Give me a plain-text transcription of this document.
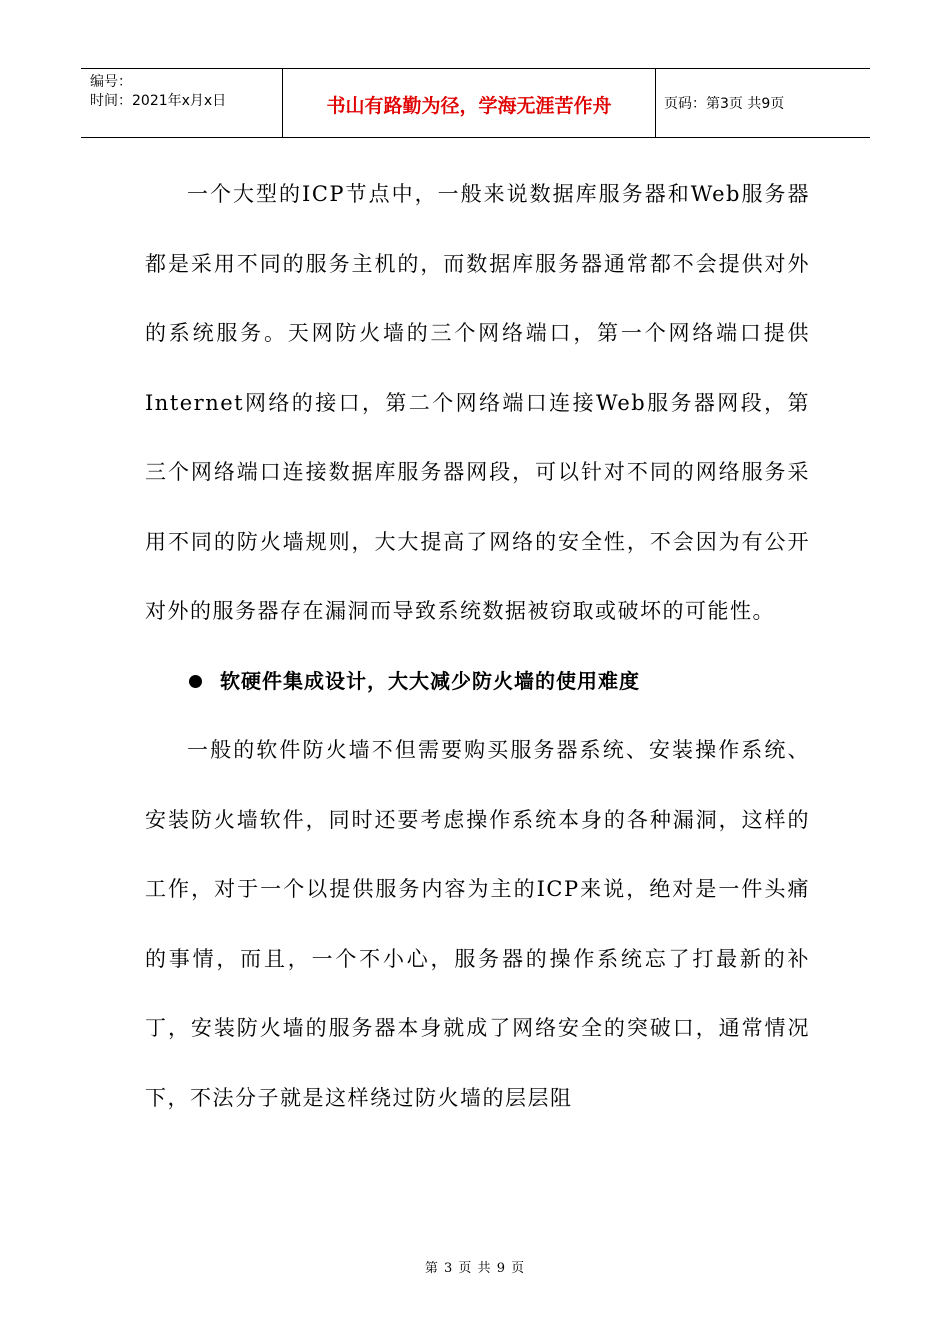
编号：
时间：2021年x月x日	书山有路勤为径，学海无涯苦作舟	页码：第3页 共9页

一个大型的ICP节点中，一般来说数据库服务器和Web服务器都是采用不同的服务主机的，而数据库服务器通常都不会提供对外的系统服务。天网防火墙的三个网络端口，第一个网络端口提供Internet网络的接口，第二个网络端口连接Web服务器网段，第三个网络端口连接数据库服务器网段，可以针对不同的网络服务采用不同的防火墙规则，大大提高了网络的安全性，不会因为有公开对外的服务器存在漏洞而导致系统数据被窃取或破坏的可能性。

软硬件集成设计，大大减少防火墙的使用难度

一般的软件防火墙不但需要购买服务器系统、安装操作系统、安装防火墙软件，同时还要考虑操作系统本身的各种漏洞，这样的工作，对于一个以提供服务内容为主的ICP来说，绝对是一件头痛的事情，而且，一个不小心，服务器的操作系统忘了打最新的补丁，安装防火墙的服务器本身就成了网络安全的突破口，通常情况下，不法分子就是这样绕过防火墙的层层阻

第 3 页 共 9 页
